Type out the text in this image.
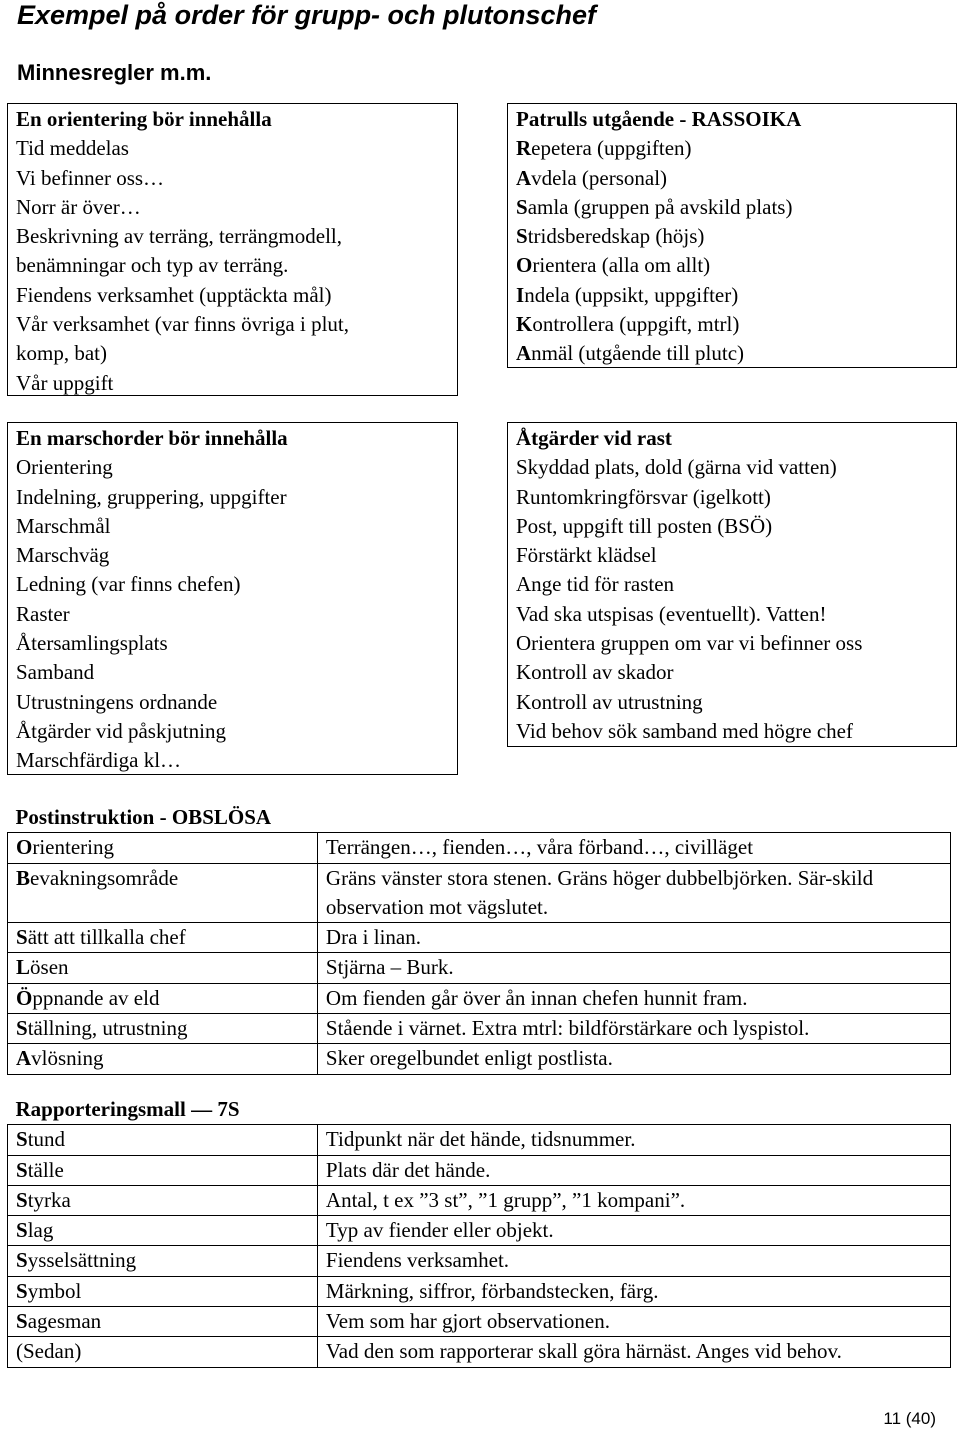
Exempel på order för grupp- och plutonschef
Minnesregler m.m.
En orientering bör innehålla
Tid meddelas
Vi befinner oss…
Norr är över…
Beskrivning av terräng, terrängmodell,
benämningar och typ av terräng.
Fiendens verksamhet (upptäckta mål)
Vår verksamhet (var finns övriga i plut,
komp, bat)
Vår uppgift
Patrulls utgående - RASSOIKA
Repetera (uppgiften)
Avdela (personal)
Samla (gruppen på avskild plats)
Stridsberedskap (höjs)
Orientera (alla om allt)
Indela (uppsikt, uppgifter)
Kontrollera (uppgift, mtrl)
Anmäl (utgående till plutc)
En marschorder bör innehålla
Orientering
Indelning, gruppering, uppgifter
Marschmål
Marschväg
Ledning (var finns chefen)
Raster
Återsamlingsplats
Samband
Utrustningens ordnande
Åtgärder vid påskjutning
Marschfärdiga kl…
Åtgärder vid rast
Skyddad plats, dold (gärna vid vatten)
Runtomkringförsvar (igelkott)
Post, uppgift till posten (BSÖ)
Förstärkt klädsel
Ange tid för rasten
Vad ska utspisas (eventuellt). Vatten!
Orientera gruppen om var vi befinner oss
Kontroll av skador
Kontroll av utrustning
Vid behov sök samband med högre chef
Postinstruktion - OBSLÖSA	
Orientering	Terrängen…, fienden…, våra förband…, civilläget
Bevakningsområde	Gräns vänster stora stenen. Gräns höger dubbelbjörken. Sär-skild observation mot vägslutet.
Sätt att tillkalla chef	Dra i linan.
Lösen	Stjärna – Burk.
Öppnande av eld	Om fienden går över ån innan chefen hunnit fram.
Ställning, utrustning	Stående i värnet. Extra mtrl: bildförstärkare och lyspistol.
Avlösning	Sker oregelbundet enligt postlista.
Rapporteringsmall — 7S	
Stund	Tidpunkt när det hände, tidsnummer.
Ställe	Plats där det hände.
Styrka	Antal, t ex ”3 st”, ”1 grupp”, ”1 kompani”.
Slag	Typ av fiender eller objekt.
Sysselsättning	Fiendens verksamhet.
Symbol	Märkning, siffror, förbandstecken, färg.
Sagesman	Vem som har gjort observationen.
(Sedan)	Vad den som rapporterar skall göra härnäst. Anges vid behov.
11 (40)
